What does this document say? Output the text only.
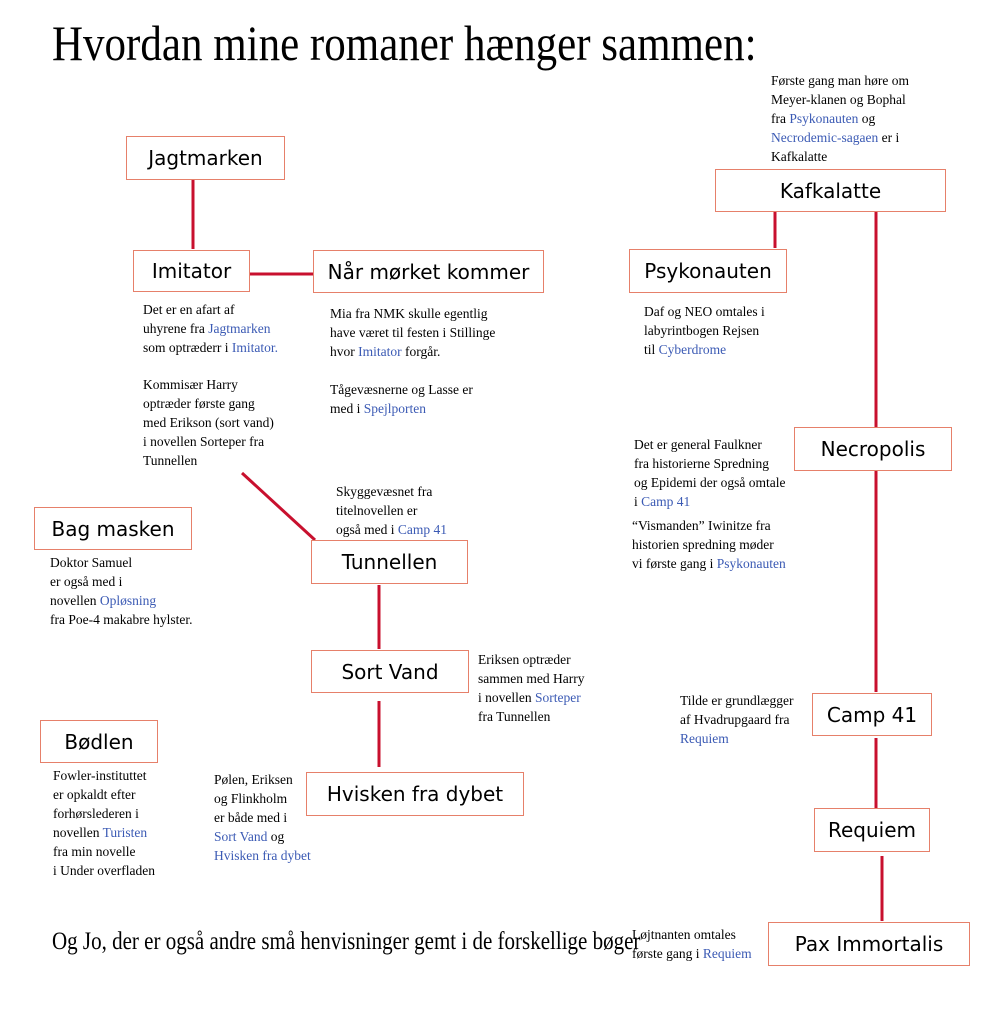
Hvordan mine romaner hænger sammen:
Jagtmarken
Imitator	Når mørket kommer
Kafkalatte
Psykonauten
Bag masken
Tunnellen
Necropolis
Sort Vand
Bødlen
Hvisken fra dybet
Camp 41
Requiem
Pax Immortalis
Første gang man høre om
Meyer-klanen og Bophal
fra Psykonauten og
Necrodemic-sagaen er i
Kafkalatte
Det er en afart af
uhyrene fra Jagtmarken
som optræderr i Imitator.
Kommisær Harry
optræder første gang
med Erikson (sort vand)
i novellen Sorteper fra
Tunnellen
Mia fra NMK skulle egentlig
have været til festen i Stillinge
hvor Imitator forgår.
Tågevæsnerne og Lasse er
med i Spejlporten
Daf og NEO omtales i
labyrintbogen Rejsen
til Cyberdrome
Skyggevæsnet fra
titelnovellen er
også med i Camp 41
Det er general Faulkner
fra historierne Spredning
og Epidemi der også omtale
i Camp 41
“Vismanden” Iwinitze fra
historien spredning møder
vi første gang i Psykonauten
Doktor Samuel
er også med i
novellen Opløsning
fra Poe-4 makabre hylster.
Eriksen optræder
sammen med Harry
i novellen Sorteper
fra Tunnellen
Tilde er grundlægger
af Hvadrupgaard fra
Requiem
Fowler-instituttet
er opkaldt efter
forhørslederen i
novellen Turisten
fra min novelle
i Under overfladen
Pølen, Eriksen
og Flinkholm
er både med i
Sort Vand og
Hvisken fra dybet
Løjtnanten omtales
første gang i Requiem
Og Jo, der er også andre små henvisninger gemt i de forskellige bøger
